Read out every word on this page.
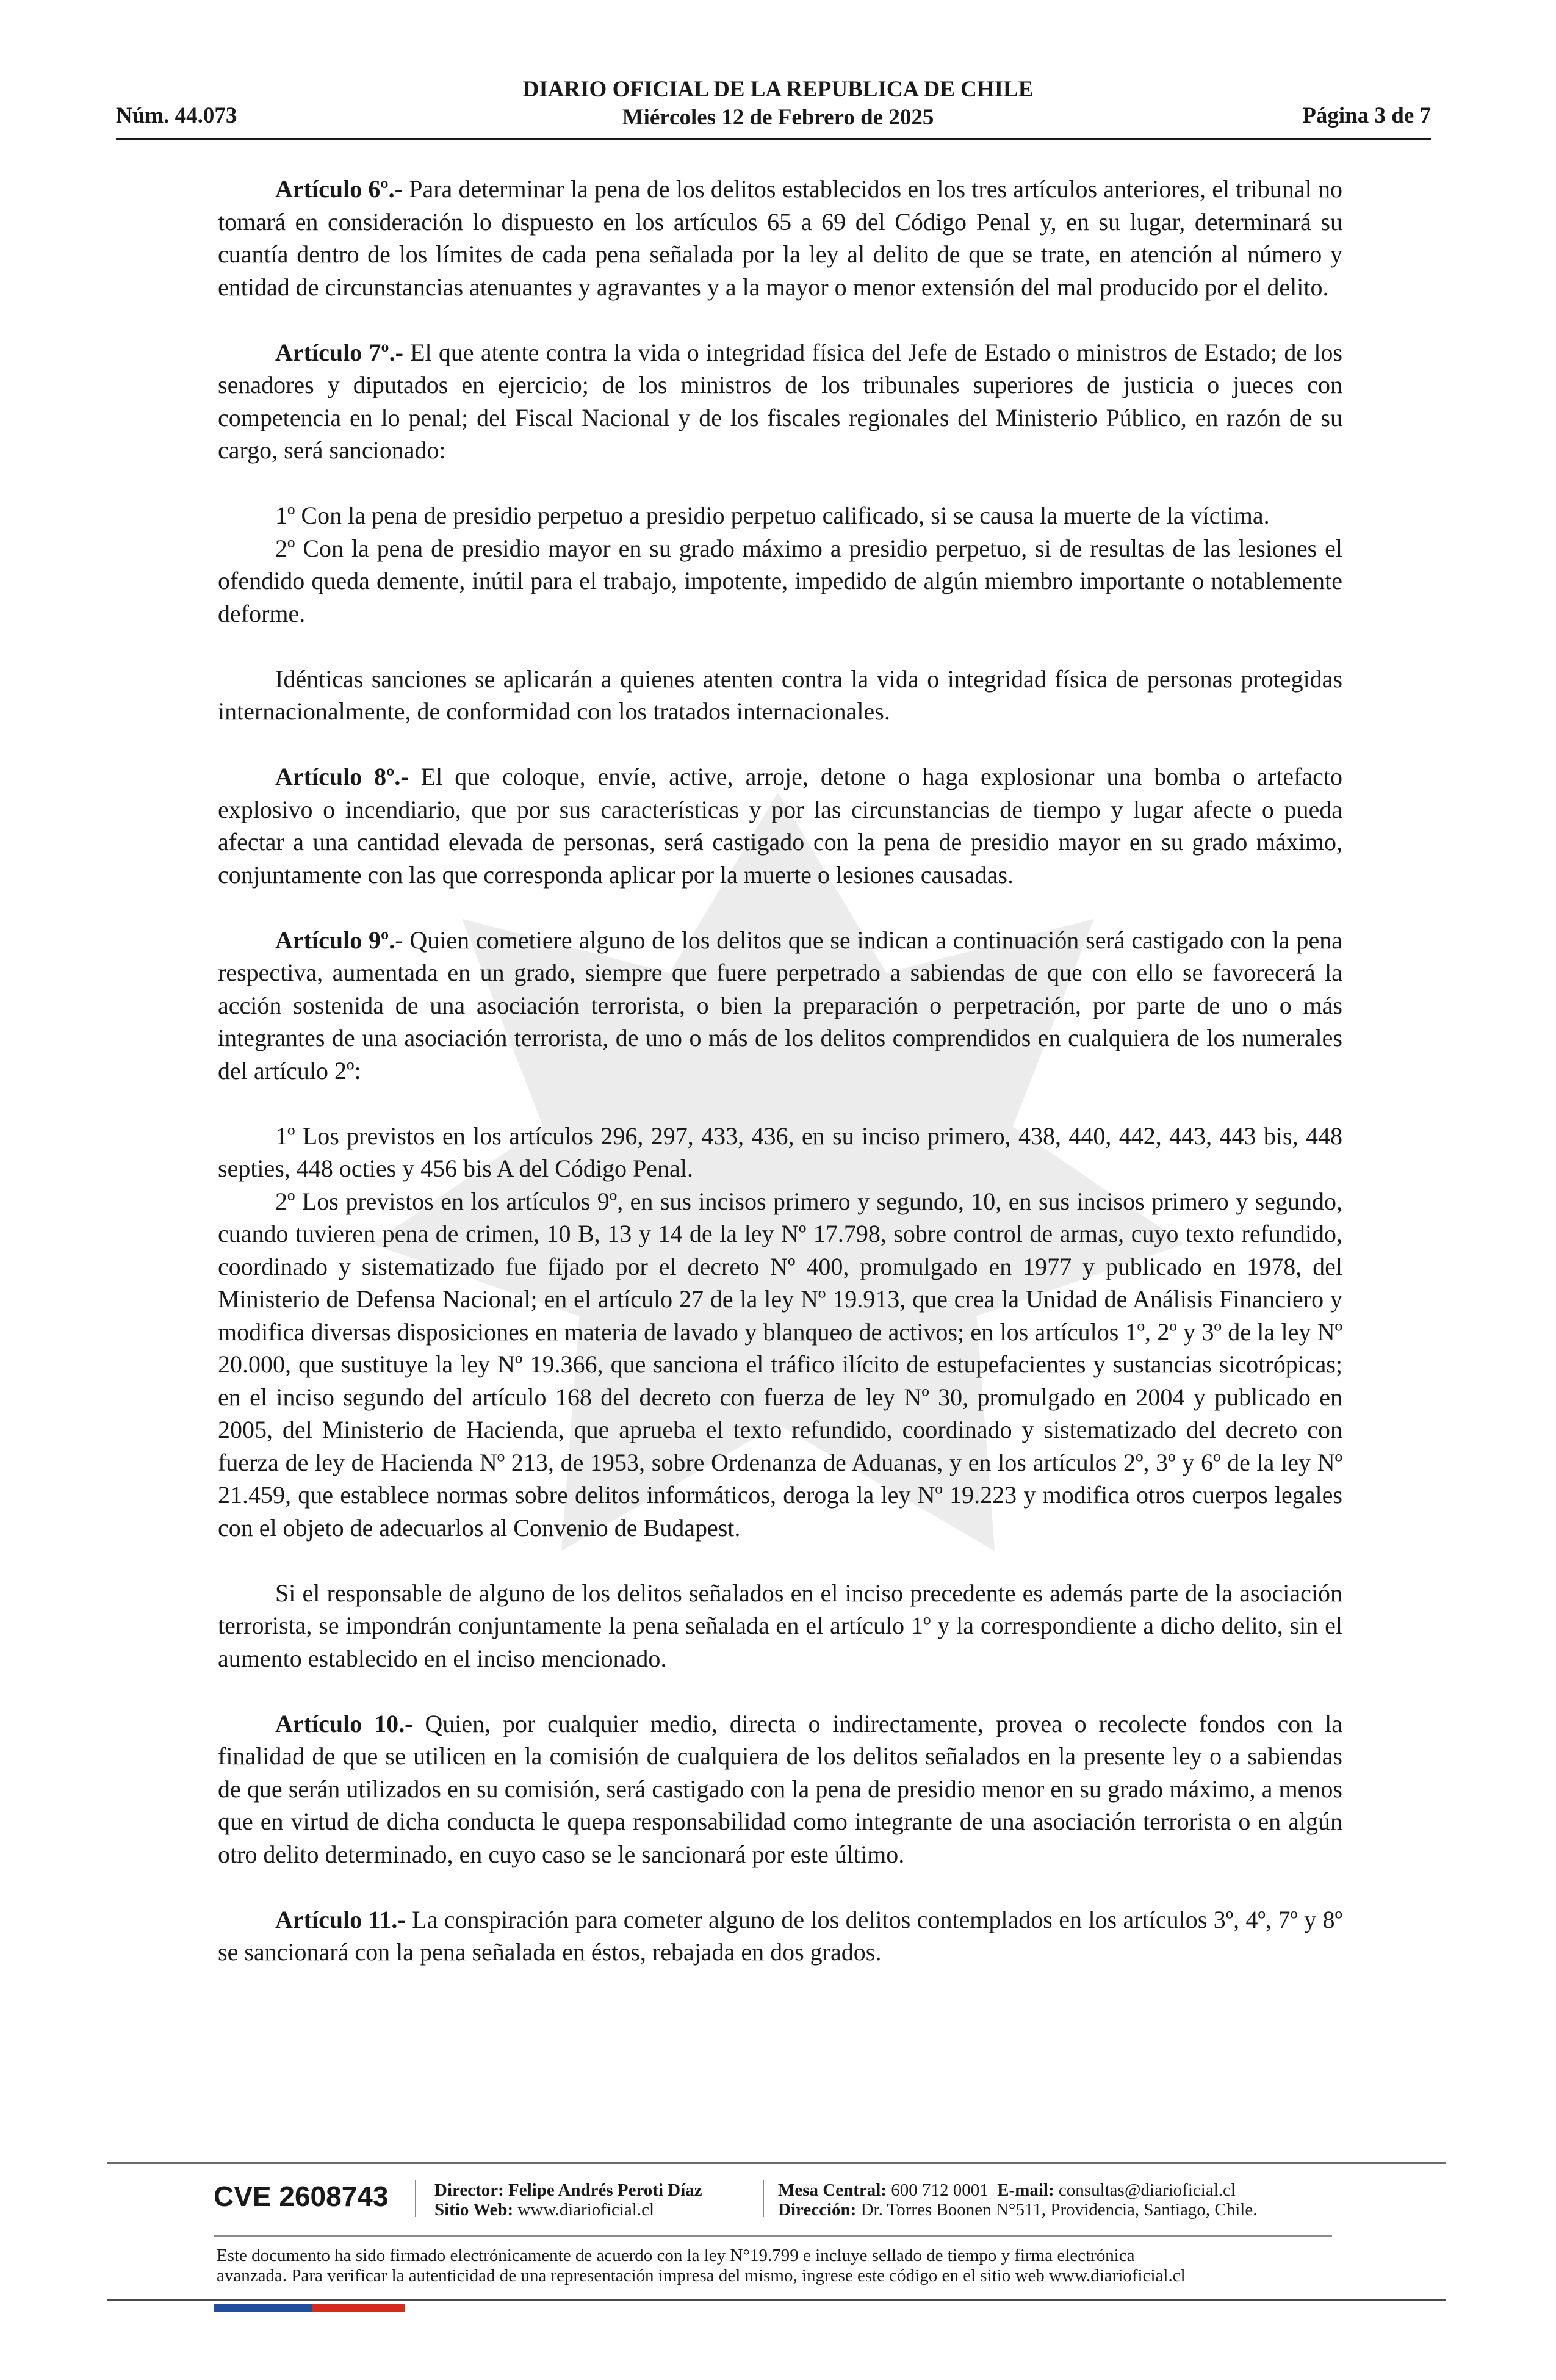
Núm. 44.073
DIARIO OFICIAL DE LA REPUBLICA DE CHILE
Miércoles 12 de Febrero de 2025	Página 3 de 7

Artículo 6º.- Para determinar la pena de los delitos establecidos en los tres artículos anteriores, el tribunal no tomará en consideración lo dispuesto en los artículos 65 a 69 del Código Penal y, en su lugar, determinará su cuantía dentro de los límites de cada pena señalada por la ley al delito de que se trate, en atención al número y entidad de circunstancias atenuantes y agravantes y a la mayor o menor extensión del mal producido por el delito.

Artículo 7º.- El que atente contra la vida o integridad física del Jefe de Estado o ministros de Estado; de los senadores y diputados en ejercicio; de los ministros de los tribunales superiores de justicia o jueces con competencia en lo penal; del Fiscal Nacional y de los fiscales regionales del Ministerio Público, en razón de su cargo, será sancionado:

1º Con la pena de presidio perpetuo a presidio perpetuo calificado, si se causa la muerte de la víctima.

2º Con la pena de presidio mayor en su grado máximo a presidio perpetuo, si de resultas de las lesiones el ofendido queda demente, inútil para el trabajo, impotente, impedido de algún miembro importante o notablemente deforme.

Idénticas sanciones se aplicarán a quienes atenten contra la vida o integridad física de personas protegidas internacionalmente, de conformidad con los tratados internacionales.

Artículo 8º.- El que coloque, envíe, active, arroje, detone o haga explosionar una bomba o artefacto explosivo o incendiario, que por sus características y por las circunstancias de tiempo y lugar afecte o pueda afectar a una cantidad elevada de personas, será castigado con la pena de presidio mayor en su grado máximo, conjuntamente con las que corresponda aplicar por la muerte o lesiones causadas.

Artículo 9º.- Quien cometiere alguno de los delitos que se indican a continuación será castigado con la pena respectiva, aumentada en un grado, siempre que fuere perpetrado a sabiendas de que con ello se favorecerá la acción sostenida de una asociación terrorista, o bien la preparación o perpetración, por parte de uno o más integrantes de una asociación terrorista, de uno o más de los delitos comprendidos en cualquiera de los numerales del artículo 2º:

1º Los previstos en los artículos 296, 297, 433, 436, en su inciso primero, 438, 440, 442, 443, 443 bis, 448 septies, 448 octies y 456 bis A del Código Penal.

2º Los previstos en los artículos 9º, en sus incisos primero y segundo, 10, en sus incisos primero y segundo, cuando tuvieren pena de crimen, 10 B, 13 y 14 de la ley Nº 17.798, sobre control de armas, cuyo texto refundido, coordinado y sistematizado fue fijado por el decreto Nº 400, promulgado en 1977 y publicado en 1978, del Ministerio de Defensa Nacional; en el artículo 27 de la ley Nº 19.913, que crea la Unidad de Análisis Financiero y modifica diversas disposiciones en materia de lavado y blanqueo de activos; en los artículos 1º, 2º y 3º de la ley Nº 20.000, que sustituye la ley Nº 19.366, que sanciona el tráfico ilícito de estupefacientes y sustancias sicotrópicas; en el inciso segundo del artículo 168 del decreto con fuerza de ley Nº 30, promulgado en 2004 y publicado en 2005, del Ministerio de Hacienda, que aprueba el texto refundido, coordinado y sistematizado del decreto con fuerza de ley de Hacienda Nº 213, de 1953, sobre Ordenanza de Aduanas, y en los artículos 2º, 3º y 6º de la ley Nº 21.459, que establece normas sobre delitos informáticos, deroga la ley Nº 19.223 y modifica otros cuerpos legales con el objeto de adecuarlos al Convenio de Budapest.

Si el responsable de alguno de los delitos señalados en el inciso precedente es además parte de la asociación terrorista, se impondrán conjuntamente la pena señalada en el artículo 1º y la correspondiente a dicho delito, sin el aumento establecido en el inciso mencionado.

Artículo 10.- Quien, por cualquier medio, directa o indirectamente, provea o recolecte fondos con la finalidad de que se utilicen en la comisión de cualquiera de los delitos señalados en la presente ley o a sabiendas de que serán utilizados en su comisión, será castigado con la pena de presidio menor en su grado máximo, a menos que en virtud de dicha conducta le quepa responsabilidad como integrante de una asociación terrorista o en algún otro delito determinado, en cuyo caso se le sancionará por este último.

Artículo 11.- La conspiración para cometer alguno de los delitos contemplados en los artículos 3º, 4º, 7º y 8º se sancionará con la pena señalada en éstos, rebajada en dos grados.

CVE 2608743	Director: Felipe Andrés Peroti Díaz
Sitio Web: www.diarioficial.cl
Mesa Central: 600 712 0001 E-mail: consultas@diarioficial.cl
Dirección: Dr. Torres Boonen N°511, Providencia, Santiago, Chile.
Este documento ha sido firmado electrónicamente de acuerdo con la ley N°19.799 e incluye sellado de tiempo y firma electrónica
avanzada. Para verificar la autenticidad de una representación impresa del mismo, ingrese este código en el sitio web www.diarioficial.cl
